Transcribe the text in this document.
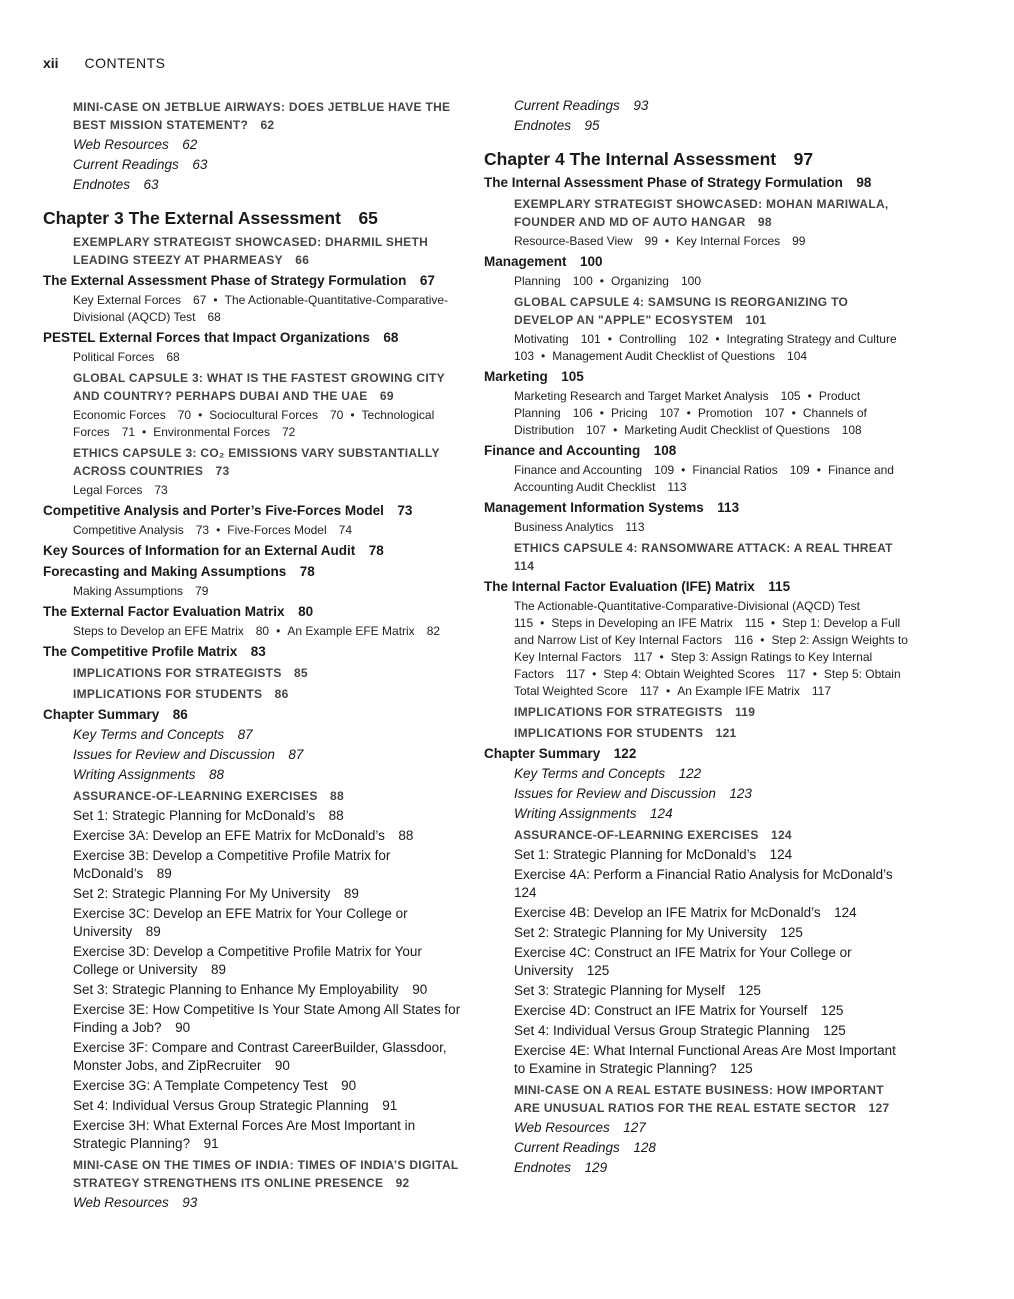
xii CONTENTS
MINI-CASE ON JETBLUE AIRWAYS: DOES JETBLUE HAVE THE BEST MISSION STATEMENT?  62
Web Resources  62
Current Readings  63
Endnotes  63
Chapter 3 The External Assessment  65
EXEMPLARY STRATEGIST SHOWCASED: DHARMIL SHETH LEADING STEEZY AT PHARMEASY  66
The External Assessment Phase of Strategy Formulation  67
Key External Forces  67 • The Actionable-Quantitative-Comparative-Divisional (AQCD) Test  68
PESTEL External Forces that Impact Organizations  68
Political Forces  68
GLOBAL CAPSULE 3: WHAT IS THE FASTEST GROWING CITY AND COUNTRY? PERHAPS DUBAI AND THE UAE  69
Economic Forces  70 • Sociocultural Forces  70 • Technological Forces  71 • Environmental Forces  72
ETHICS CAPSULE 3: CO₂ EMISSIONS VARY SUBSTANTIALLY ACROSS COUNTRIES  73
Legal Forces  73
Competitive Analysis and Porter’s Five-Forces Model  73
Competitive Analysis  73 • Five-Forces Model  74
Key Sources of Information for an External Audit  78
Forecasting and Making Assumptions  78
Making Assumptions  79
The External Factor Evaluation Matrix  80
Steps to Develop an EFE Matrix  80 • An Example EFE Matrix  82
The Competitive Profile Matrix  83
IMPLICATIONS FOR STRATEGISTS  85
IMPLICATIONS FOR STUDENTS  86
Chapter Summary  86
Key Terms and Concepts  87
Issues for Review and Discussion  87
Writing Assignments  88
ASSURANCE-OF-LEARNING EXERCISES  88
Set 1: Strategic Planning for McDonald’s  88
Exercise 3A: Develop an EFE Matrix for McDonald’s  88
Exercise 3B: Develop a Competitive Profile Matrix for McDonald’s  89
Set 2: Strategic Planning For My University  89
Exercise 3C: Develop an EFE Matrix for Your College or University  89
Exercise 3D: Develop a Competitive Profile Matrix for Your College or University  89
Set 3: Strategic Planning to Enhance My Employability  90
Exercise 3E: How Competitive Is Your State Among All States for Finding a Job?  90
Exercise 3F: Compare and Contrast CareerBuilder, Glassdoor, Monster Jobs, and ZipRecruiter  90
Exercise 3G: A Template Competency Test  90
Set 4: Individual Versus Group Strategic Planning  91
Exercise 3H: What External Forces Are Most Important in Strategic Planning?  91
MINI-CASE ON THE TIMES OF INDIA: TIMES OF INDIA’S DIGITAL STRATEGY STRENGTHENS ITS ONLINE PRESENCE  92
Web Resources  93
Current Readings  93
Endnotes  95
Chapter 4 The Internal Assessment  97
The Internal Assessment Phase of Strategy Formulation  98
EXEMPLARY STRATEGIST SHOWCASED: MOHAN MARIWALA, FOUNDER AND MD OF AUTO HANGAR  98
Resource-Based View  99 • Key Internal Forces  99
Management  100
Planning  100 • Organizing  100
GLOBAL CAPSULE 4: SAMSUNG IS REORGANIZING TO DEVELOP AN "APPLE" ECOSYSTEM  101
Motivating  101 • Controlling  102 • Integrating Strategy and Culture 103 • Management Audit Checklist of Questions  104
Marketing  105
Marketing Research and Target Market Analysis  105 • Product Planning  106 • Pricing  107 • Promotion  107 • Channels of Distribution  107 • Marketing Audit Checklist of Questions  108
Finance and Accounting  108
Finance and Accounting  109 • Financial Ratios  109 • Finance and Accounting Audit Checklist  113
Management Information Systems  113
Business Analytics  113
ETHICS CAPSULE 4: RANSOMWARE ATTACK: A REAL THREAT 114
The Internal Factor Evaluation (IFE) Matrix  115
The Actionable-Quantitative-Comparative-Divisional (AQCD) Test 115 • Steps in Developing an IFE Matrix  115 • Step 1: Develop a Full and Narrow List of Key Internal Factors  116 • Step 2: Assign Weights to Key Internal Factors  117 • Step 3: Assign Ratings to Key Internal Factors  117 • Step 4: Obtain Weighted Scores  117 • Step 5: Obtain Total Weighted Score  117 • An Example IFE Matrix  117
IMPLICATIONS FOR STRATEGISTS  119
IMPLICATIONS FOR STUDENTS  121
Chapter Summary  122
Key Terms and Concepts  122
Issues for Review and Discussion  123
Writing Assignments  124
ASSURANCE-OF-LEARNING EXERCISES  124
Set 1: Strategic Planning for McDonald’s  124
Exercise 4A: Perform a Financial Ratio Analysis for McDonald’s 124
Exercise 4B: Develop an IFE Matrix for McDonald’s  124
Set 2: Strategic Planning for My University  125
Exercise 4C: Construct an IFE Matrix for Your College or University  125
Set 3: Strategic Planning for Myself  125
Exercise 4D: Construct an IFE Matrix for Yourself  125
Set 4: Individual Versus Group Strategic Planning  125
Exercise 4E: What Internal Functional Areas Are Most Important to Examine in Strategic Planning?  125
MINI-CASE ON A REAL ESTATE BUSINESS: HOW IMPORTANT ARE UNUSUAL RATIOS FOR THE REAL ESTATE SECTOR  127
Web Resources  127
Current Readings  128
Endnotes  129
